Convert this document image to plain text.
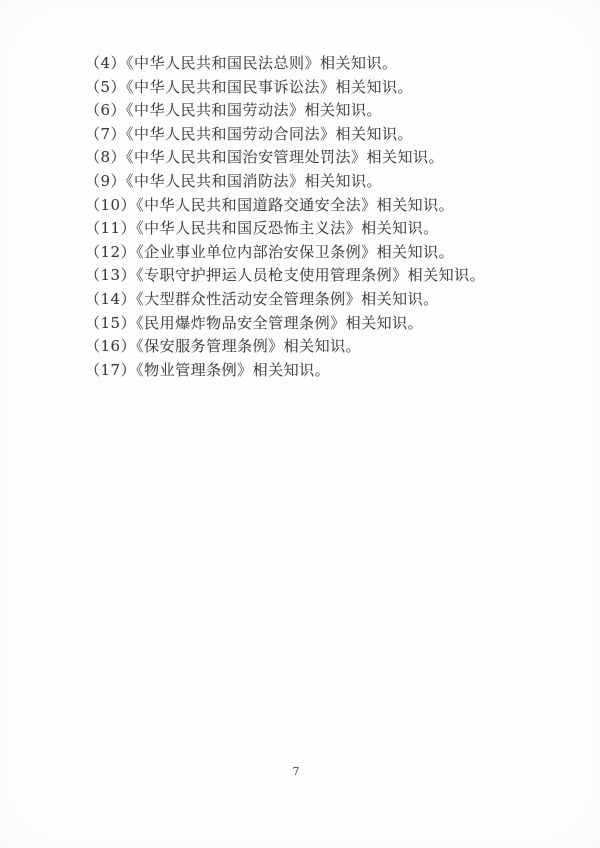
（4）《中华人民共和国民法总则》相关知识。
（5）《中华人民共和国民事诉讼法》相关知识。
（6）《中华人民共和国劳动法》相关知识。
（7）《中华人民共和国劳动合同法》相关知识。
（8）《中华人民共和国治安管理处罚法》相关知识。
（9）《中华人民共和国消防法》相关知识。
（10）《中华人民共和国道路交通安全法》相关知识。
（11）《中华人民共和国反恐怖主义法》相关知识。
（12）《企业事业单位内部治安保卫条例》相关知识。
（13）《专职守护押运人员枪支使用管理条例》相关知识。
（14）《大型群众性活动安全管理条例》相关知识。
（15）《民用爆炸物品安全管理条例》相关知识。
（16）《保安服务管理条例》相关知识。
（17）《物业管理条例》相关知识。
7
